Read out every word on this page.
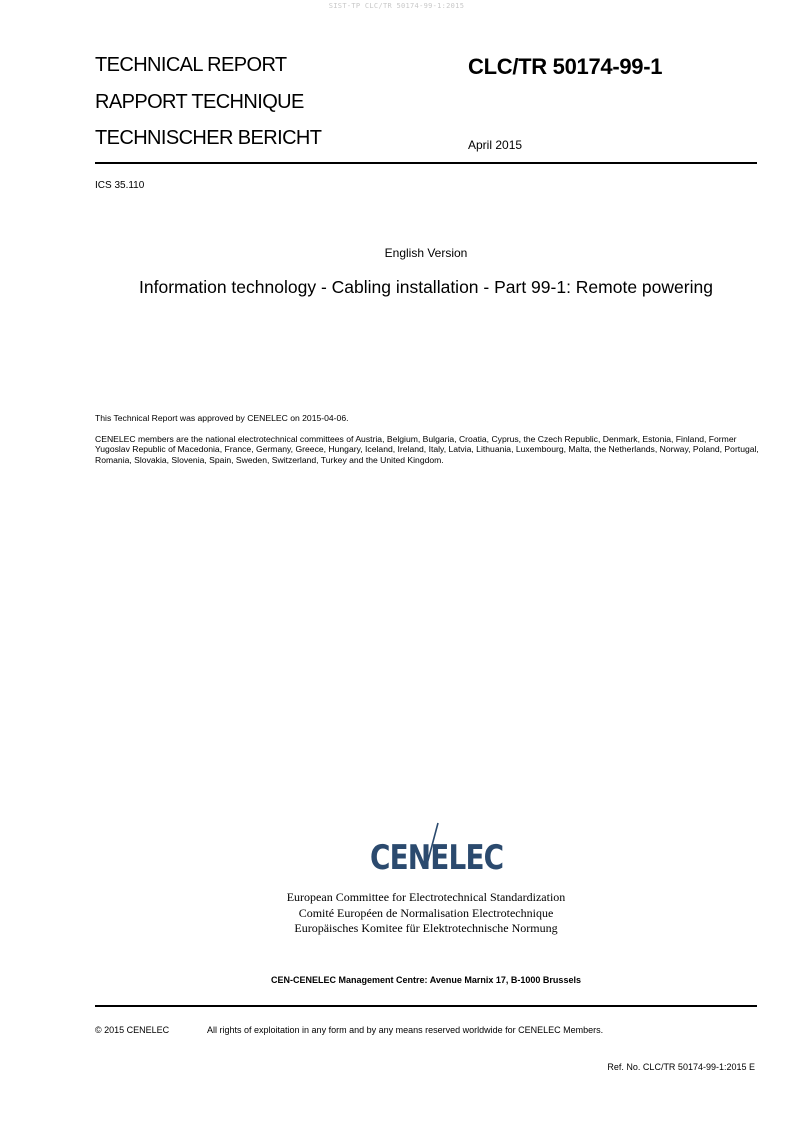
SIST-TP CLC/TR 50174-99-1:2015
TECHNICAL REPORT
RAPPORT TECHNIQUE
TECHNISCHER BERICHT
CLC/TR 50174-99-1
April 2015
ICS 35.110
English Version
Information technology - Cabling installation - Part 99-1: Remote powering
This Technical Report was approved by CENELEC on 2015-04-06.
CENELEC members are the national electrotechnical committees of Austria, Belgium, Bulgaria, Croatia, Cyprus, the Czech Republic, Denmark, Estonia, Finland, Former Yugoslav Republic of Macedonia, France, Germany, Greece, Hungary, Iceland, Ireland, Italy, Latvia, Lithuania, Luxembourg, Malta, the Netherlands, Norway, Poland, Portugal, Romania, Slovakia, Slovenia, Spain, Sweden, Switzerland, Turkey and the United Kingdom.
CENELEC
European Committee for Electrotechnical Standardization
Comité Européen de Normalisation Electrotechnique
Europäisches Komitee für Elektrotechnische Normung
CEN-CENELEC Management Centre: Avenue Marnix 17, B-1000 Brussels
© 2015 CENELEC	All rights of exploitation in any form and by any means reserved worldwide for CENELEC Members.
Ref. No. CLC/TR 50174-99-1:2015 E
